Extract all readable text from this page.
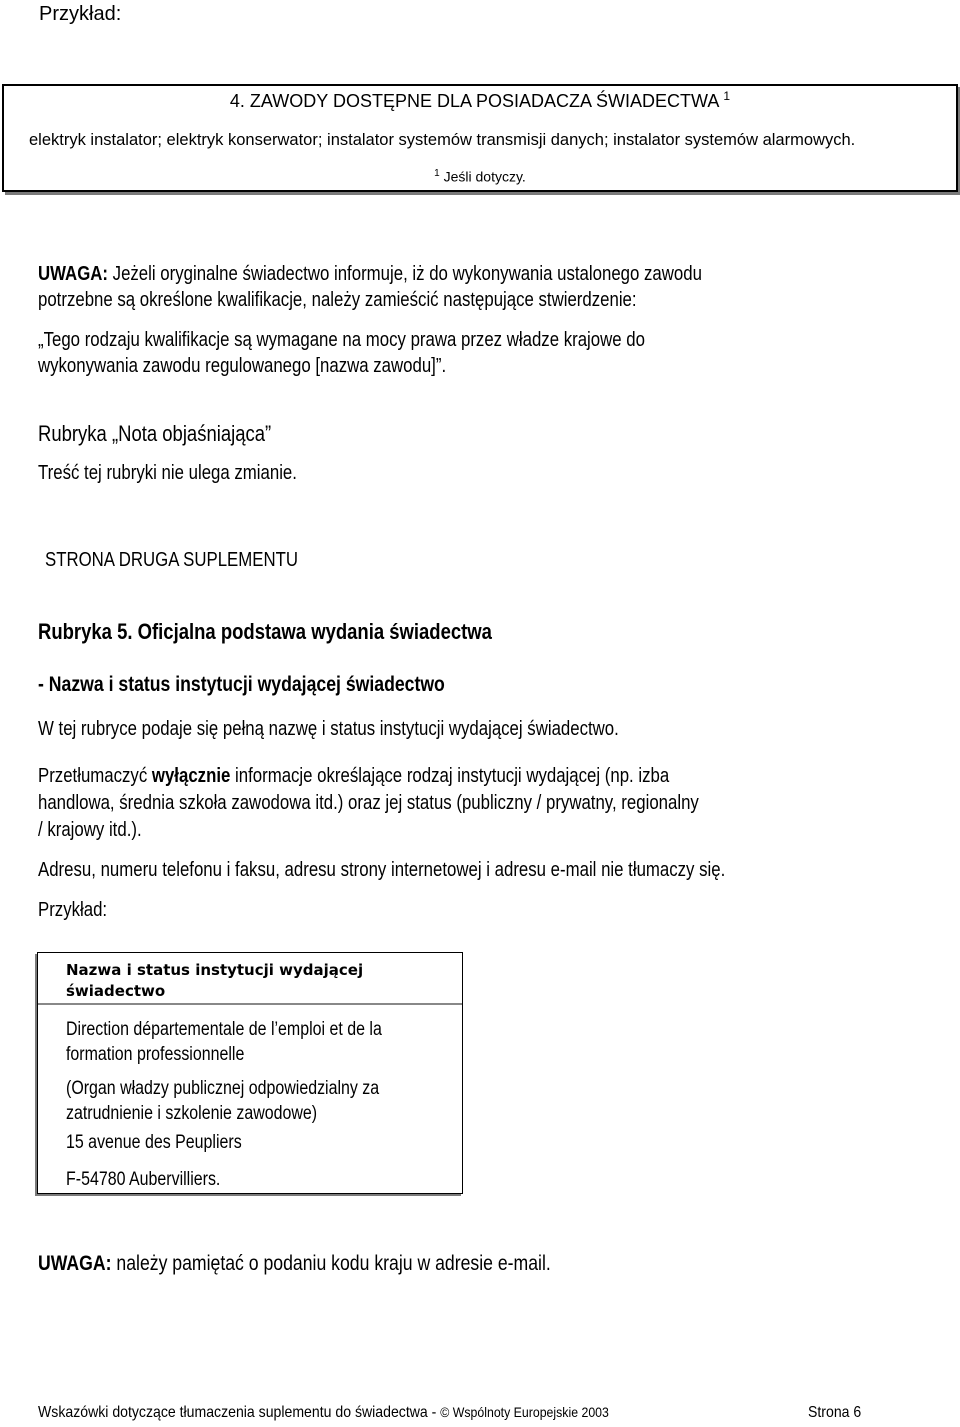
Przykład:
4. ZAWODY DOSTĘPNE DLA POSIADACZA ŚWIADECTWA $^1$
elektryk instalator; elektryk konserwator; instalator systemów transmisji danych; instalator systemów alarmowych.
$^1$ Jeśli dotyczy.
UWAGA: Jeżeli oryginalne świadectwo informuje, iż do wykonywania ustalonego zawodu
potrzebne są określone kwalifikacje, należy zamieścić następujące stwierdzenie:
„Tego rodzaju kwalifikacje są wymagane na mocy prawa przez władze krajowe do
wykonywania zawodu regulowanego [nazwa zawodu]”.
Rubryka „Nota objaśniająca”
Treść tej rubryki nie ulega zmianie.
STRONA DRUGA SUPLEMENTU
Rubryka 5. Oficjalna podstawa wydania świadectwa
- Nazwa i status instytucji wydającej świadectwo
W tej rubryce podaje się pełną nazwę i status instytucji wydającej świadectwo.
Przetłumaczyć wyłącznie informacje określające rodzaj instytucji wydającej (np. izba
handlowa, średnia szkoła zawodowa itd.) oraz jej status (publiczny / prywatny, regionalny
/ krajowy itd.).
Adresu, numeru telefonu i faksu, adresu strony internetowej i adresu e-mail nie tłumaczy się.
Przykład:
Nazwa i status instytucji wydającej
świadectwo
Direction départementale de l’emploi et de la
formation professionnelle
(Organ władzy publicznej odpowiedzialny za
zatrudnienie i szkolenie zawodowe)
15 avenue des Peupliers
F-54780 Aubervilliers.
UWAGA: należy pamiętać o podaniu kodu kraju w adresie e-mail.
Wskazówki dotyczące tłumaczenia suplementu do świadectwa - © Wspólnoty Europejskie 2003	Strona 6
